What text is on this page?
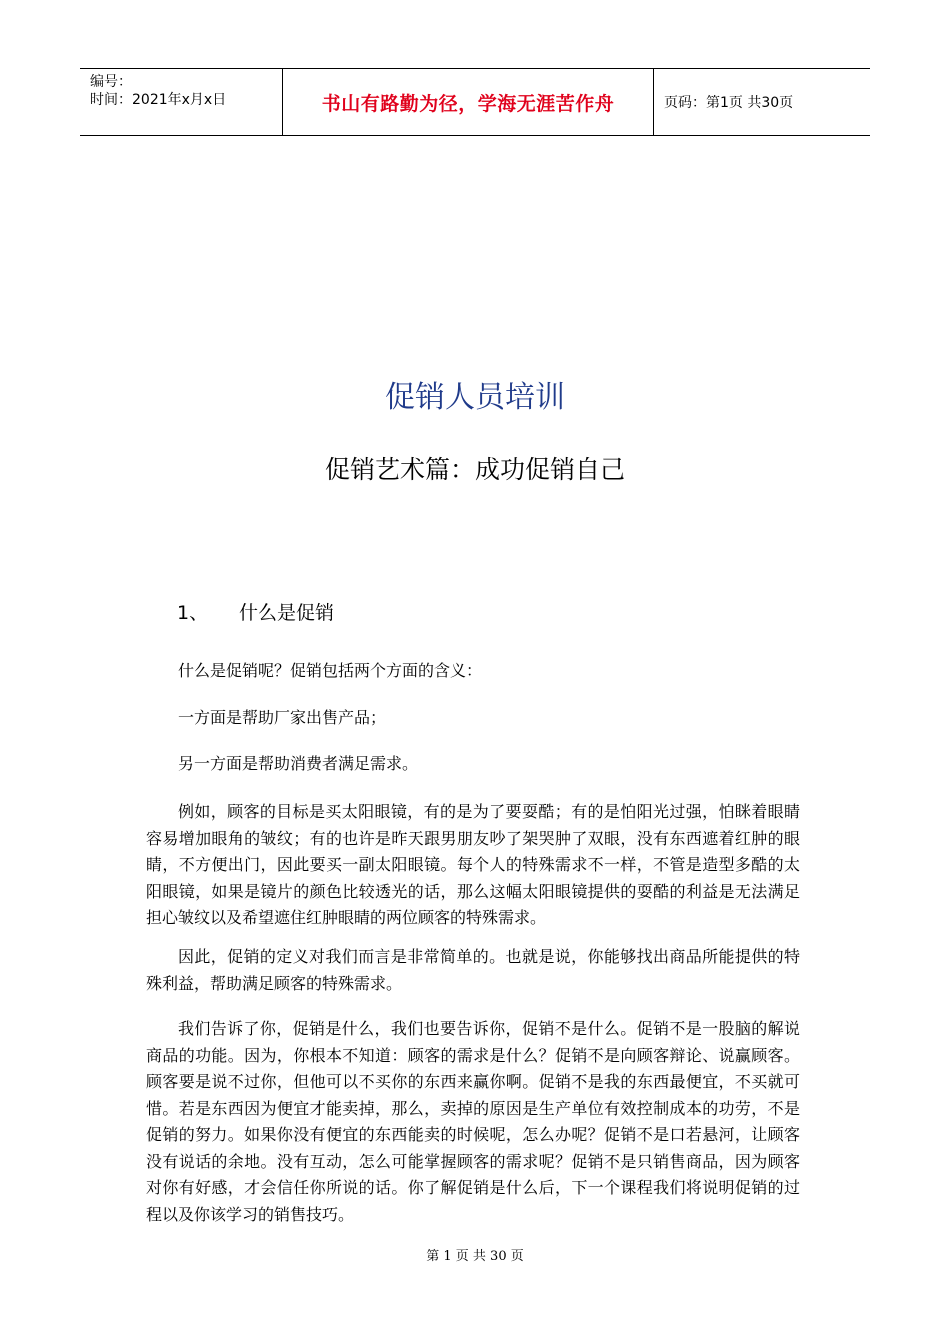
编号：
时间：2021年x月x日	书山有路勤为径，学海无涯苦作舟	页码：第1页 共30页
促销人员培训
促销艺术篇：成功促销自己
1、	什么是促销

什么是促销呢？促销包括两个方面的含义：

一方面是帮助厂家出售产品；

另一方面是帮助消费者满足需求。

例如，顾客的目标是买太阳眼镜，有的是为了要耍酷；有的是怕阳光过强，怕眯着眼睛容易增加眼角的皱纹；有的也许是昨天跟男朋友吵了架哭肿了双眼，没有东西遮着红肿的眼睛，不方便出门，因此要买一副太阳眼镜。每个人的特殊需求不一样，不管是造型多酷的太阳眼镜，如果是镜片的颜色比较透光的话，那么这幅太阳眼镜提供的耍酷的利益是无法满足担心皱纹以及希望遮住红肿眼睛的两位顾客的特殊需求。

因此，促销的定义对我们而言是非常简单的。也就是说，你能够找出商品所能提供的特殊利益，帮助满足顾客的特殊需求。

我们告诉了你，促销是什么，我们也要告诉你，促销不是什么。促销不是一股脑的解说商品的功能。因为，你根本不知道：顾客的需求是什么？促销不是向顾客辩论、说赢顾客。顾客要是说不过你，但他可以不买你的东西来赢你啊。促销不是我的东西最便宜，不买就可惜。若是东西因为便宜才能卖掉，那么，卖掉的原因是生产单位有效控制成本的功劳，不是促销的努力。如果你没有便宜的东西能卖的时候呢，怎么办呢？促销不是口若悬河，让顾客没有说话的余地。没有互动，怎么可能掌握顾客的需求呢？促销不是只销售商品，因为顾客对你有好感，才会信任你所说的话。你了解促销是什么后，下一个课程我们将说明促销的过程以及你该学习的销售技巧。

第 1 页 共 30 页
